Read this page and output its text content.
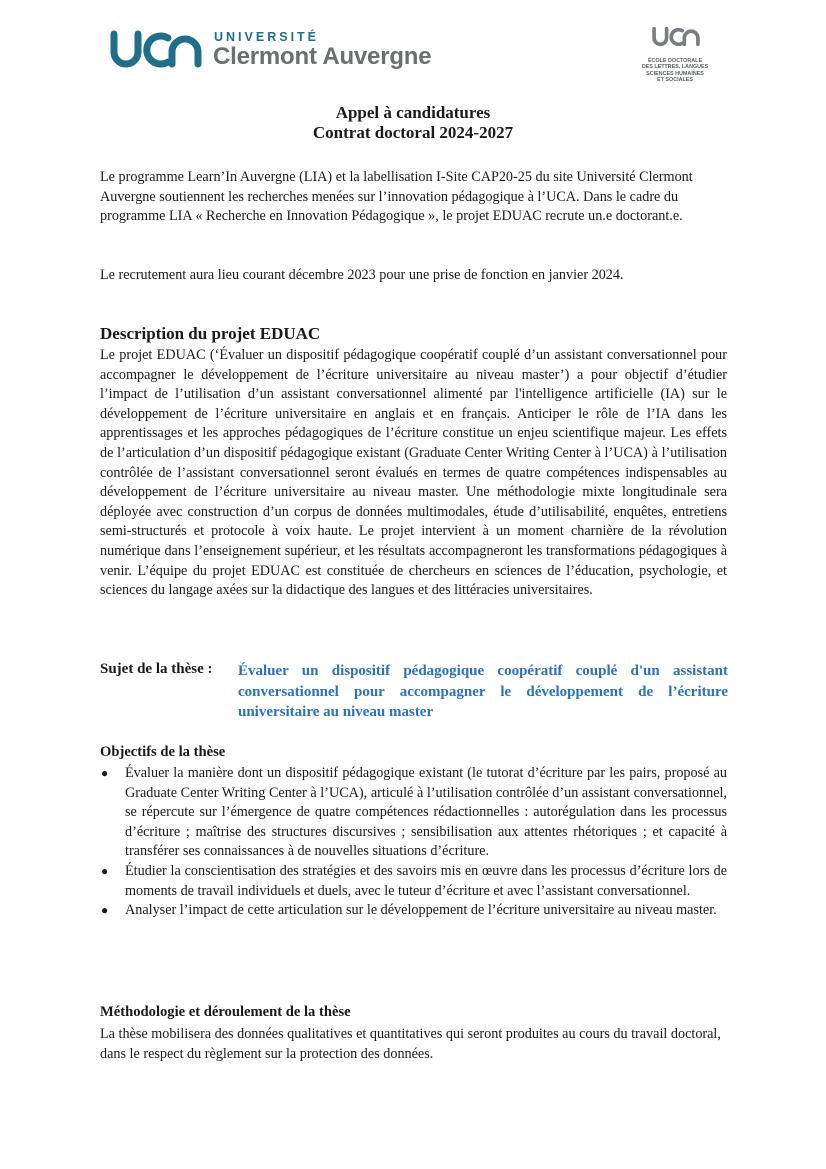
UNIVERSITÉ
Clermont Auvergne	ÉCOLE DOCTORALE
DES LETTRES, LANGUES
SCIENCES HUMAINES
ET SOCIALES
Appel à candidatures
Contrat doctoral 2024-2027
Le programme Learn’In Auvergne (LIA) et la labellisation I-Site CAP20-25 du site Université Clermont Auvergne soutiennent les recherches menées sur l’innovation pédagogique à l’UCA. Dans le cadre du programme LIA « Recherche en Innovation Pédagogique », le projet EDUAC recrute un.e doctorant.e.
Le recrutement aura lieu courant décembre 2023 pour une prise de fonction en janvier 2024.
Description du projet EDUAC
Le projet EDUAC (‘Évaluer un dispositif pédagogique coopératif couplé d’un assistant conversationnel pour accompagner le développement de l’écriture universitaire au niveau master’) a pour objectif d’étudier l’impact de l’utilisation d’un assistant conversationnel alimenté par l'intelligence artificielle (IA) sur le développement de l’écriture universitaire en anglais et en français. Anticiper le rôle de l’IA dans les apprentissages et les approches pédagogiques de l’écriture constitue un enjeu scientifique majeur. Les effets de l’articulation d’un dispositif pédagogique existant (Graduate Center Writing Center à l’UCA) à l’utilisation contrôlée de l’assistant conversationnel seront évalués en termes de quatre compétences indispensables au développement de l’écriture universitaire au niveau master. Une méthodologie mixte longitudinale sera déployée avec construction d’un corpus de données multimodales, étude d’utilisabilité, enquêtes, entretiens semi-structurés et protocole à voix haute. Le projet intervient à un moment charnière de la révolution numérique dans l’enseignement supérieur, et les résultats accompagneront les transformations pédagogiques à venir. L’équipe du projet EDUAC est constituée de chercheurs en sciences de l’éducation, psychologie, et sciences du langage axées sur la didactique des langues et des littéracies universitaires.
Sujet de la thèse : Évaluer un dispositif pédagogique coopératif couplé d'un assistant conversationnel pour accompagner le développement de l’écriture universitaire au niveau master
Objectifs de la thèse
● Évaluer la manière dont un dispositif pédagogique existant (le tutorat d’écriture par les pairs, proposé au Graduate Center Writing Center à l’UCA), articulé à l’utilisation contrôlée d’un assistant conversationnel, se répercute sur l’émergence de quatre compétences rédactionnelles : autorégulation dans les processus d’écriture ; maîtrise des structures discursives ; sensibilisation aux attentes rhétoriques ; et capacité à transférer ses connaissances à de nouvelles situations d’écriture.
● Étudier la conscientisation des stratégies et des savoirs mis en œuvre dans les processus d’écriture lors de moments de travail individuels et duels, avec le tuteur d’écriture et avec l’assistant conversationnel.
● Analyser l’impact de cette articulation sur le développement de l’écriture universitaire au niveau master.
Méthodologie et déroulement de la thèse
La thèse mobilisera des données qualitatives et quantitatives qui seront produites au cours du travail doctoral, dans le respect du règlement sur la protection des données.
